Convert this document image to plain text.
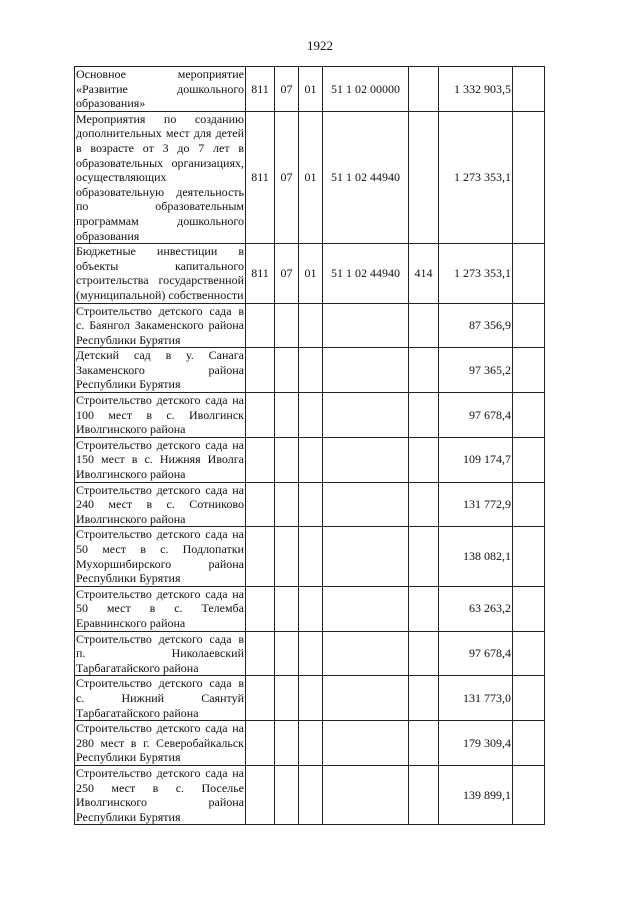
1922
Основное мероприятие «Развитие дошкольного образования»	811	07	01	51 1 02 00000		1 332 903,5	
Мероприятия по созданию дополнительных мест для детей в возрасте от 3 до 7 лет в образовательных организациях, осуществляющих образовательную деятельность по образовательным программам дошкольного образования	811	07	01	51 1 02 44940		1 273 353,1	
Бюджетные инвестиции в объекты капитального строительства государственной (муниципальной) собственности	811	07	01	51 1 02 44940	414	1 273 353,1	
Строительство детского сада в с. Баянгол Закаменского района Республики Бурятия						87 356,9	
Детский сад в у. Санага Закаменского района Республики Бурятия						97 365,2	
Строительство детского сада на 100 мест в с. Иволгинск Иволгинского района						97 678,4	
Строительство детского сада на 150 мест в с. Нижняя Иволга Иволгинского района						109 174,7	
Строительство детского сада на 240 мест в с. Сотниково Иволгинского района						131 772,9	
Строительство детского сада на 50 мест в с. Подлопатки Мухоршибирского района Республики Бурятия						138 082,1	
Строительство детского сада на 50 мест в с. Телемба Еравнинского района						63 263,2	
Строительство детского сада в п. Николаевский Тарбагатайского района						97 678,4	
Строительство детского сада в с. Нижний Саянтуй Тарбагатайского района						131 773,0	
Строительство детского сада на 280 мест в г. Северобайкальск Республики Бурятия						179 309,4	
Строительство детского сада на 250 мест в с. Поселье Иволгинского района Республики Бурятия						139 899,1	
